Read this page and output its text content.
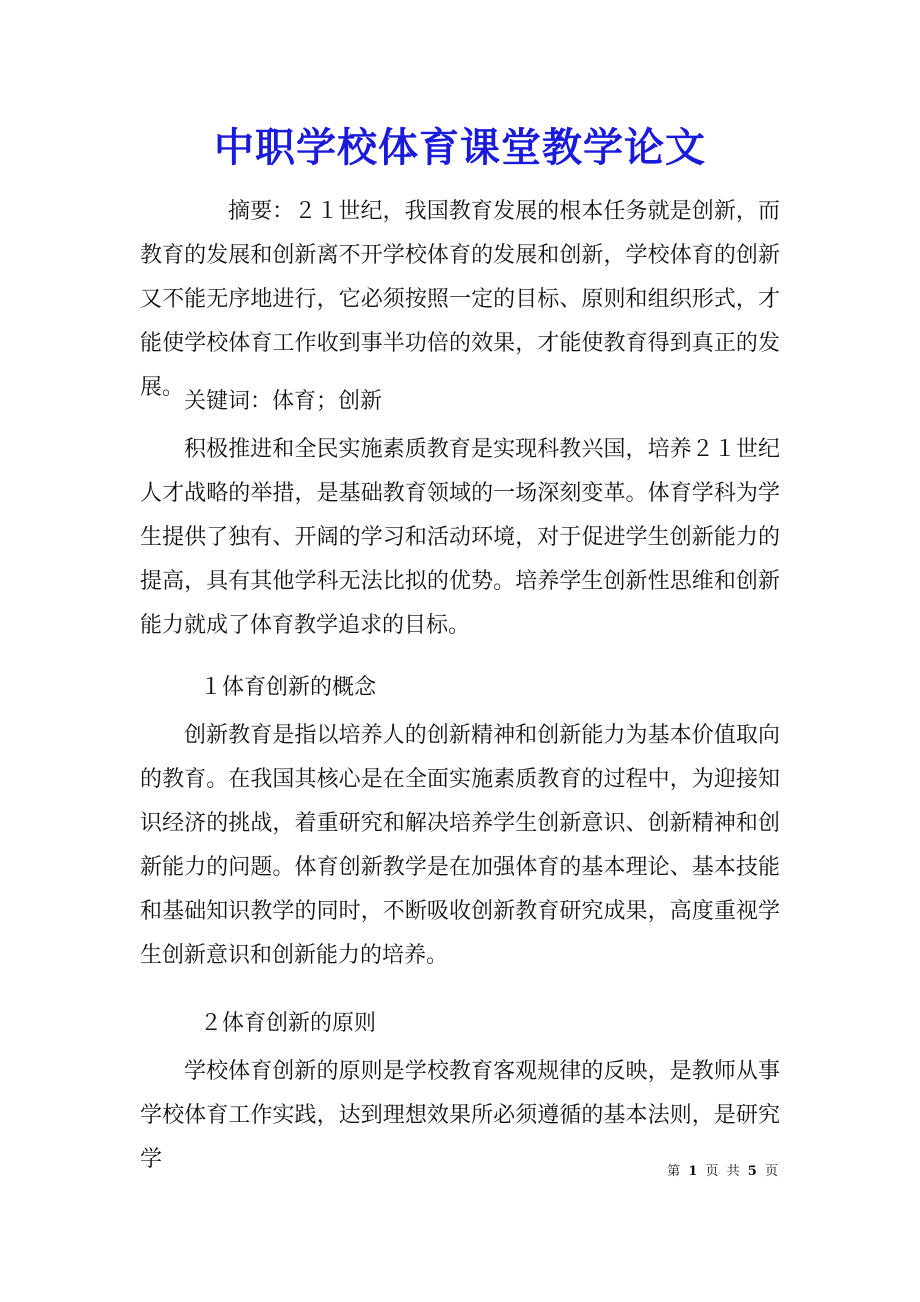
中职学校体育课堂教学论文

摘要：２１世纪，我国教育发展的根本任务就是创新，而教育的发展和创新离不开学校体育的发展和创新，学校体育的创新又不能无序地进行，它必须按照一定的目标、原则和组织形式，才能使学校体育工作收到事半功倍的效果，才能使教育得到真正的发展。

关键词：体育；创新

积极推进和全民实施素质教育是实现科教兴国，培养２１世纪人才战略的举措，是基础教育领域的一场深刻变革。体育学科为学生提供了独有、开阔的学习和活动环境，对于促进学生创新能力的提高，具有其他学科无法比拟的优势。培养学生创新性思维和创新能力就成了体育教学追求的目标。

１体育创新的概念

创新教育是指以培养人的创新精神和创新能力为基本价值取向的教育。在我国其核心是在全面实施素质教育的过程中，为迎接知识经济的挑战，着重研究和解决培养学生创新意识、创新精神和创新能力的问题。体育创新教学是在加强体育的基本理论、基本技能和基础知识教学的同时，不断吸收创新教育研究成果，高度重视学生创新意识和创新能力的培养。

２体育创新的原则

学校体育创新的原则是学校教育客观规律的反映，是教师从事学校体育工作实践，达到理想效果所必须遵循的基本法则，是研究学	第 1 页 共 5 页
